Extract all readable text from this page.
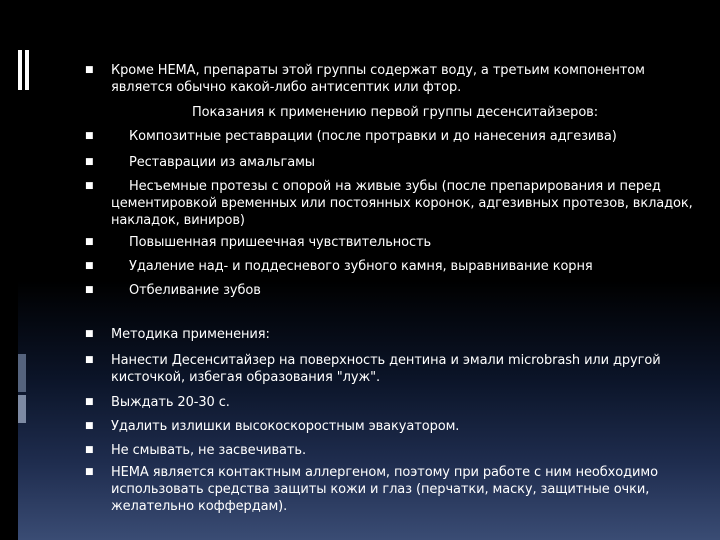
■ Кроме HEMA, препараты этой группы содержат воду, а третьим компонентом является обычно какой-либо антисептик или фтор.
Показания к применению первой группы десенситайзеров:
■	Композитные реставрации (после протравки и до нанесения адгезива)
■	Реставрации из амальгамы
■	Несъемные протезы с опорой на живые зубы (после препарирования и перед цементировкой временных или постоянных коронок, адгезивных протезов, вкладок, накладок, виниров)
■	Повышенная пришеечная чувствительность
■	Удаление над- и поддесневого зубного камня, выравнивание корня
■	Отбеливание зубов
■ Методика применения:
■ Нанести Десенситайзер на поверхность дентина и эмали microbrash или другой кисточкой, избегая образования "луж".
■ Выждать 20-30 с.
■ Удалить излишки высокоскоростным эвакуатором.
■ Не смывать, не засвечивать.
■ HEMA является контактным аллергеном, поэтому при работе с ним необходимо использовать средства защиты кожи и глаз (перчатки, маску, защитные очки, желательно коффердам).
